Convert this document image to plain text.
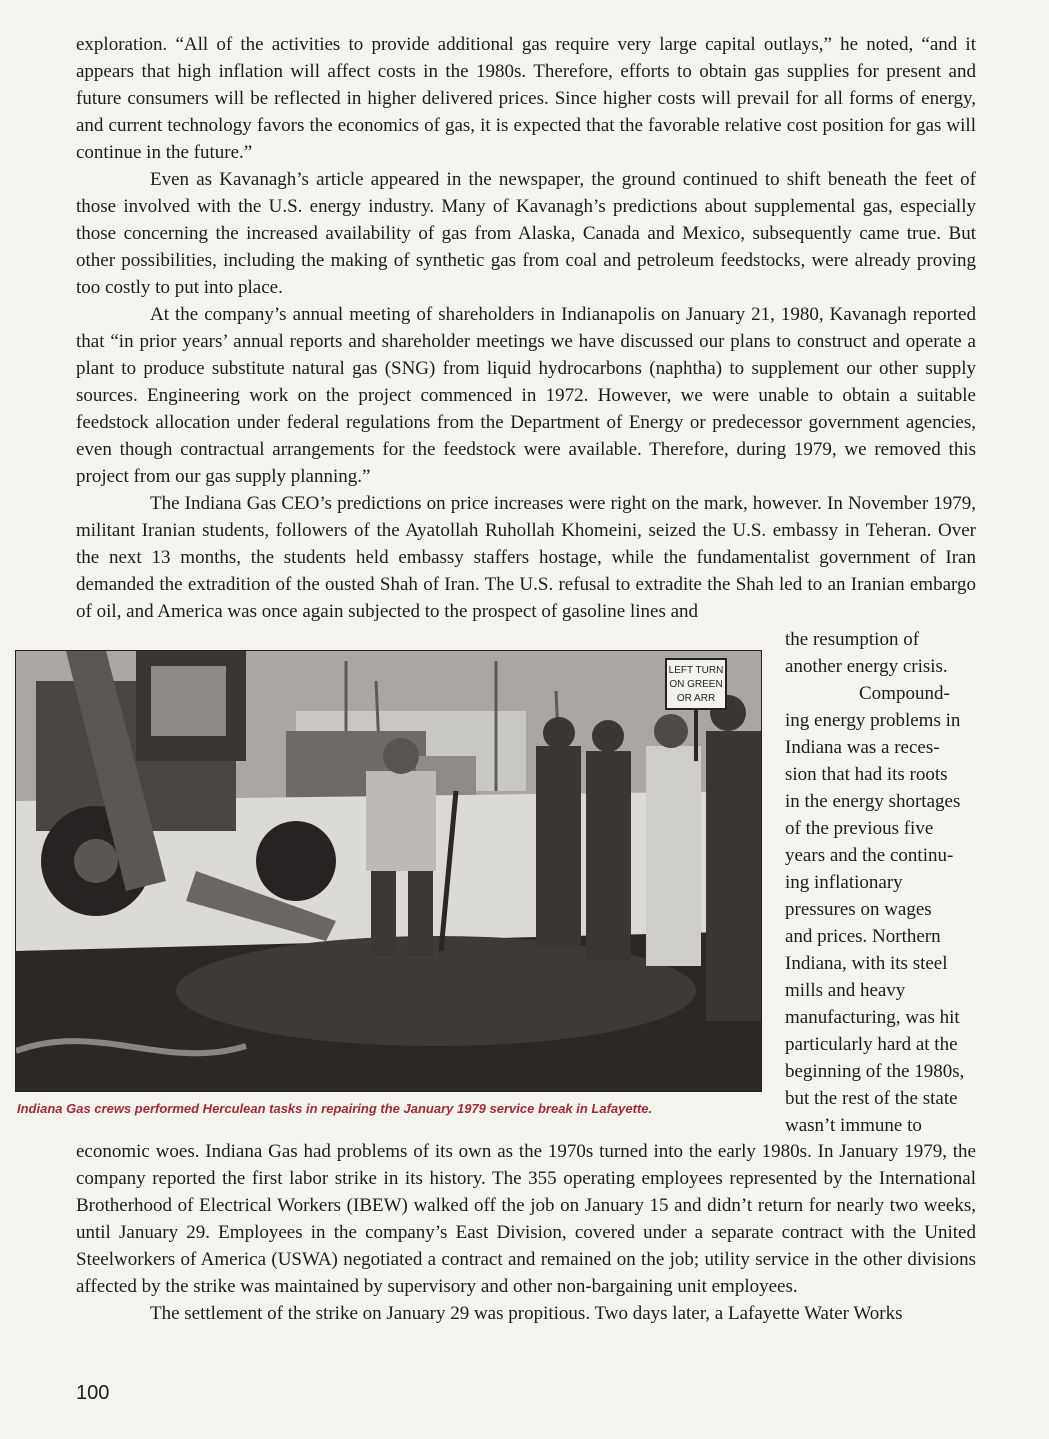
exploration. “All of the activities to provide additional gas require very large capital outlays,” he noted, “and it appears that high inflation will affect costs in the 1980s. Therefore, efforts to obtain gas supplies for present and future consumers will be reflected in higher delivered prices. Since higher costs will prevail for all forms of energy, and current technology favors the economics of gas, it is expected that the favorable relative cost position for gas will continue in the future.”

Even as Kavanagh’s article appeared in the newspaper, the ground continued to shift beneath the feet of those involved with the U.S. energy industry. Many of Kavanagh’s predictions about supplemental gas, especially those concerning the increased availability of gas from Alaska, Canada and Mexico, subsequently came true. But other possibilities, including the making of synthetic gas from coal and petroleum feedstocks, were already proving too costly to put into place.

At the company’s annual meeting of shareholders in Indianapolis on January 21, 1980, Kavanagh reported that “in prior years’ annual reports and shareholder meetings we have discussed our plans to construct and operate a plant to produce substitute natural gas (SNG) from liquid hydrocarbons (naphtha) to supplement our other supply sources. Engineering work on the project commenced in 1972. However, we were unable to obtain a suitable feedstock allocation under federal regulations from the Department of Energy or predecessor government agencies, even though contractual arrangements for the feedstock were available. Therefore, during 1979, we removed this project from our gas supply planning.”

The Indiana Gas CEO’s predictions on price increases were right on the mark, however. In November 1979, militant Iranian students, followers of the Ayatollah Ruhollah Khomeini, seized the U.S. embassy in Teheran. Over the next 13 months, the students held embassy staffers hostage, while the fundamentalist government of Iran demanded the extradition of the ousted Shah of Iran. The U.S. refusal to extradite the Shah led to an Iranian embargo of oil, and America was once again subjected to the prospect of gasoline lines and

LEFT TURN
ON GREEN
OR ARR
Indiana Gas crews performed Herculean tasks in repairing the January 1979 service break in Lafayette.
the resumption of
another energy crisis.
Compound-
ing energy problems in
Indiana was a reces-
sion that had its roots
in the energy shortages
of the previous five
years and the continu-
ing inflationary
pressures on wages
and prices. Northern
Indiana, with its steel
mills and heavy
manufacturing, was hit
particularly hard at the
beginning of the 1980s,
but the rest of the state
wasn’t immune to

economic woes. Indiana Gas had problems of its own as the 1970s turned into the early 1980s. In January 1979, the company reported the first labor strike in its history. The 355 operating employees represented by the International Brotherhood of Electrical Workers (IBEW) walked off the job on January 15 and didn’t return for nearly two weeks, until January 29. Employees in the company’s East Division, covered under a separate contract with the United Steelworkers of America (USWA) negotiated a contract and remained on the job; utility service in the other divisions affected by the strike was maintained by supervisory and other non-bargaining unit employees.

The settlement of the strike on January 29 was propitious. Two days later, a Lafayette Water Works

100
